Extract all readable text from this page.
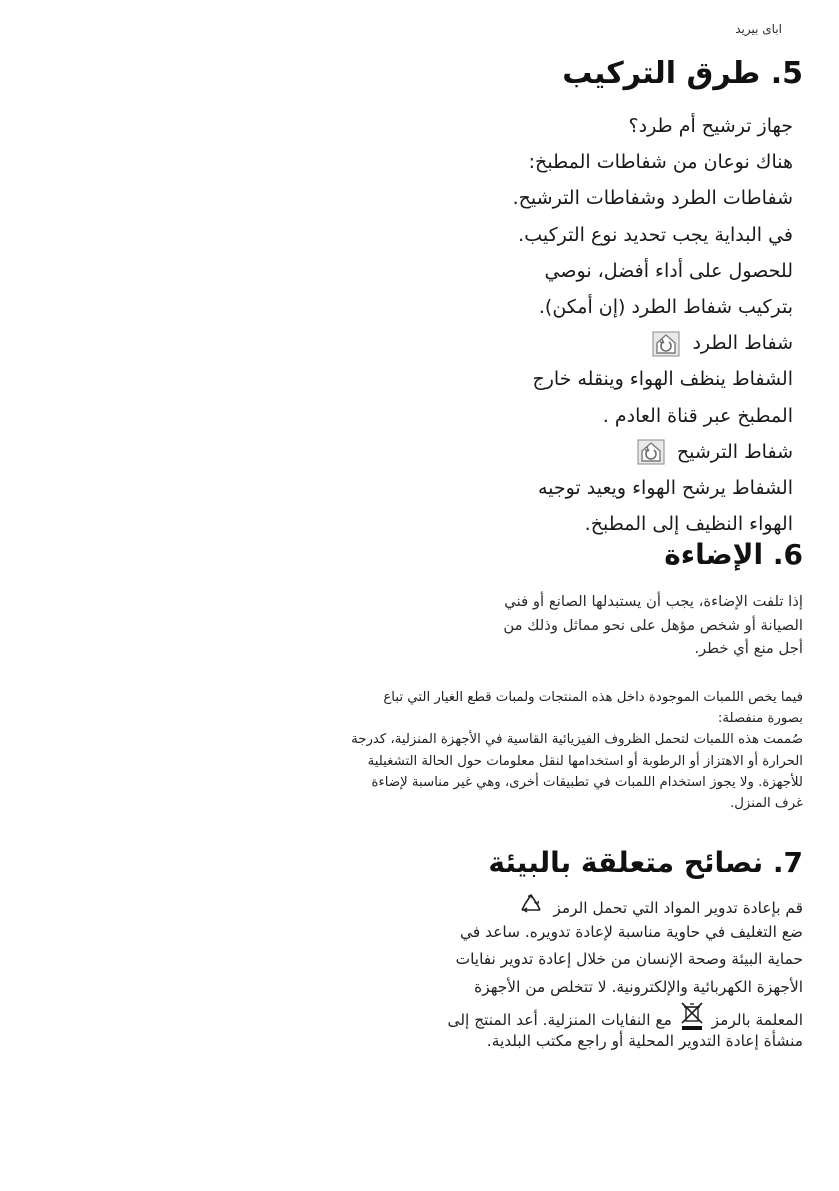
ابای بیرید
5. طرق التركيب
جهاز ترشيح أم طرد؟
هناك نوعان من شفاطات المطبخ:
شفاطات الطرد وشفاطات الترشيح.
في البداية يجب تحديد نوع التركيب.
للحصول على أداء أفضل، نوصي
بتركيب شفاط الطرد (إن أمكن).
شفاط الطرد
الشفاط ينظف الهواء وينقله خارج
المطبخ عبر قناة العادم .
شفاط الترشيح
الشفاط يرشح الهواء ويعيد توجيه
الهواء النظيف إلى المطبخ.
6. الإضاءة
إذا تلفت الإضاءة، يجب أن يستبدلها الصانع أو فني
الصيانة أو شخص مؤهل على نحو مماثل وذلك من
أجل منع أي خطر.
فيما يخص اللمبات الموجودة داخل هذه المنتجات ولمبات قطع الغيار التي تباع
بصورة منفصلة:
صُممت هذه اللمبات لتحمل الظروف الفيزيائية القاسية في الأجهزة المنزلية، كدرجة
الحرارة أو الاهتزاز أو الرطوبة أو استخدامها لنقل معلومات حول الحالة التشغيلية
للأجهزة. ولا يجوز استخدام اللمبات في تطبيقات أخرى، وهي غير مناسبة لإضاءة
غرف المنزل.
7. نصائح متعلقة بالبيئة
قم بإعادة تدوير المواد التي تحمل الرمز
ضع التغليف في حاوية مناسبة لإعادة تدويره. ساعد في
حماية البيئة وصحة الإنسان من خلال إعادة تدوير نفايات
الأجهزة الكهربائية والإلكترونية. لا تتخلص من الأجهزة
المعلمة بالرمز  مع النفايات المنزلية. أعد المنتج إلى
منشأة إعادة التدوير المحلية أو راجع مكتب البلدية.
